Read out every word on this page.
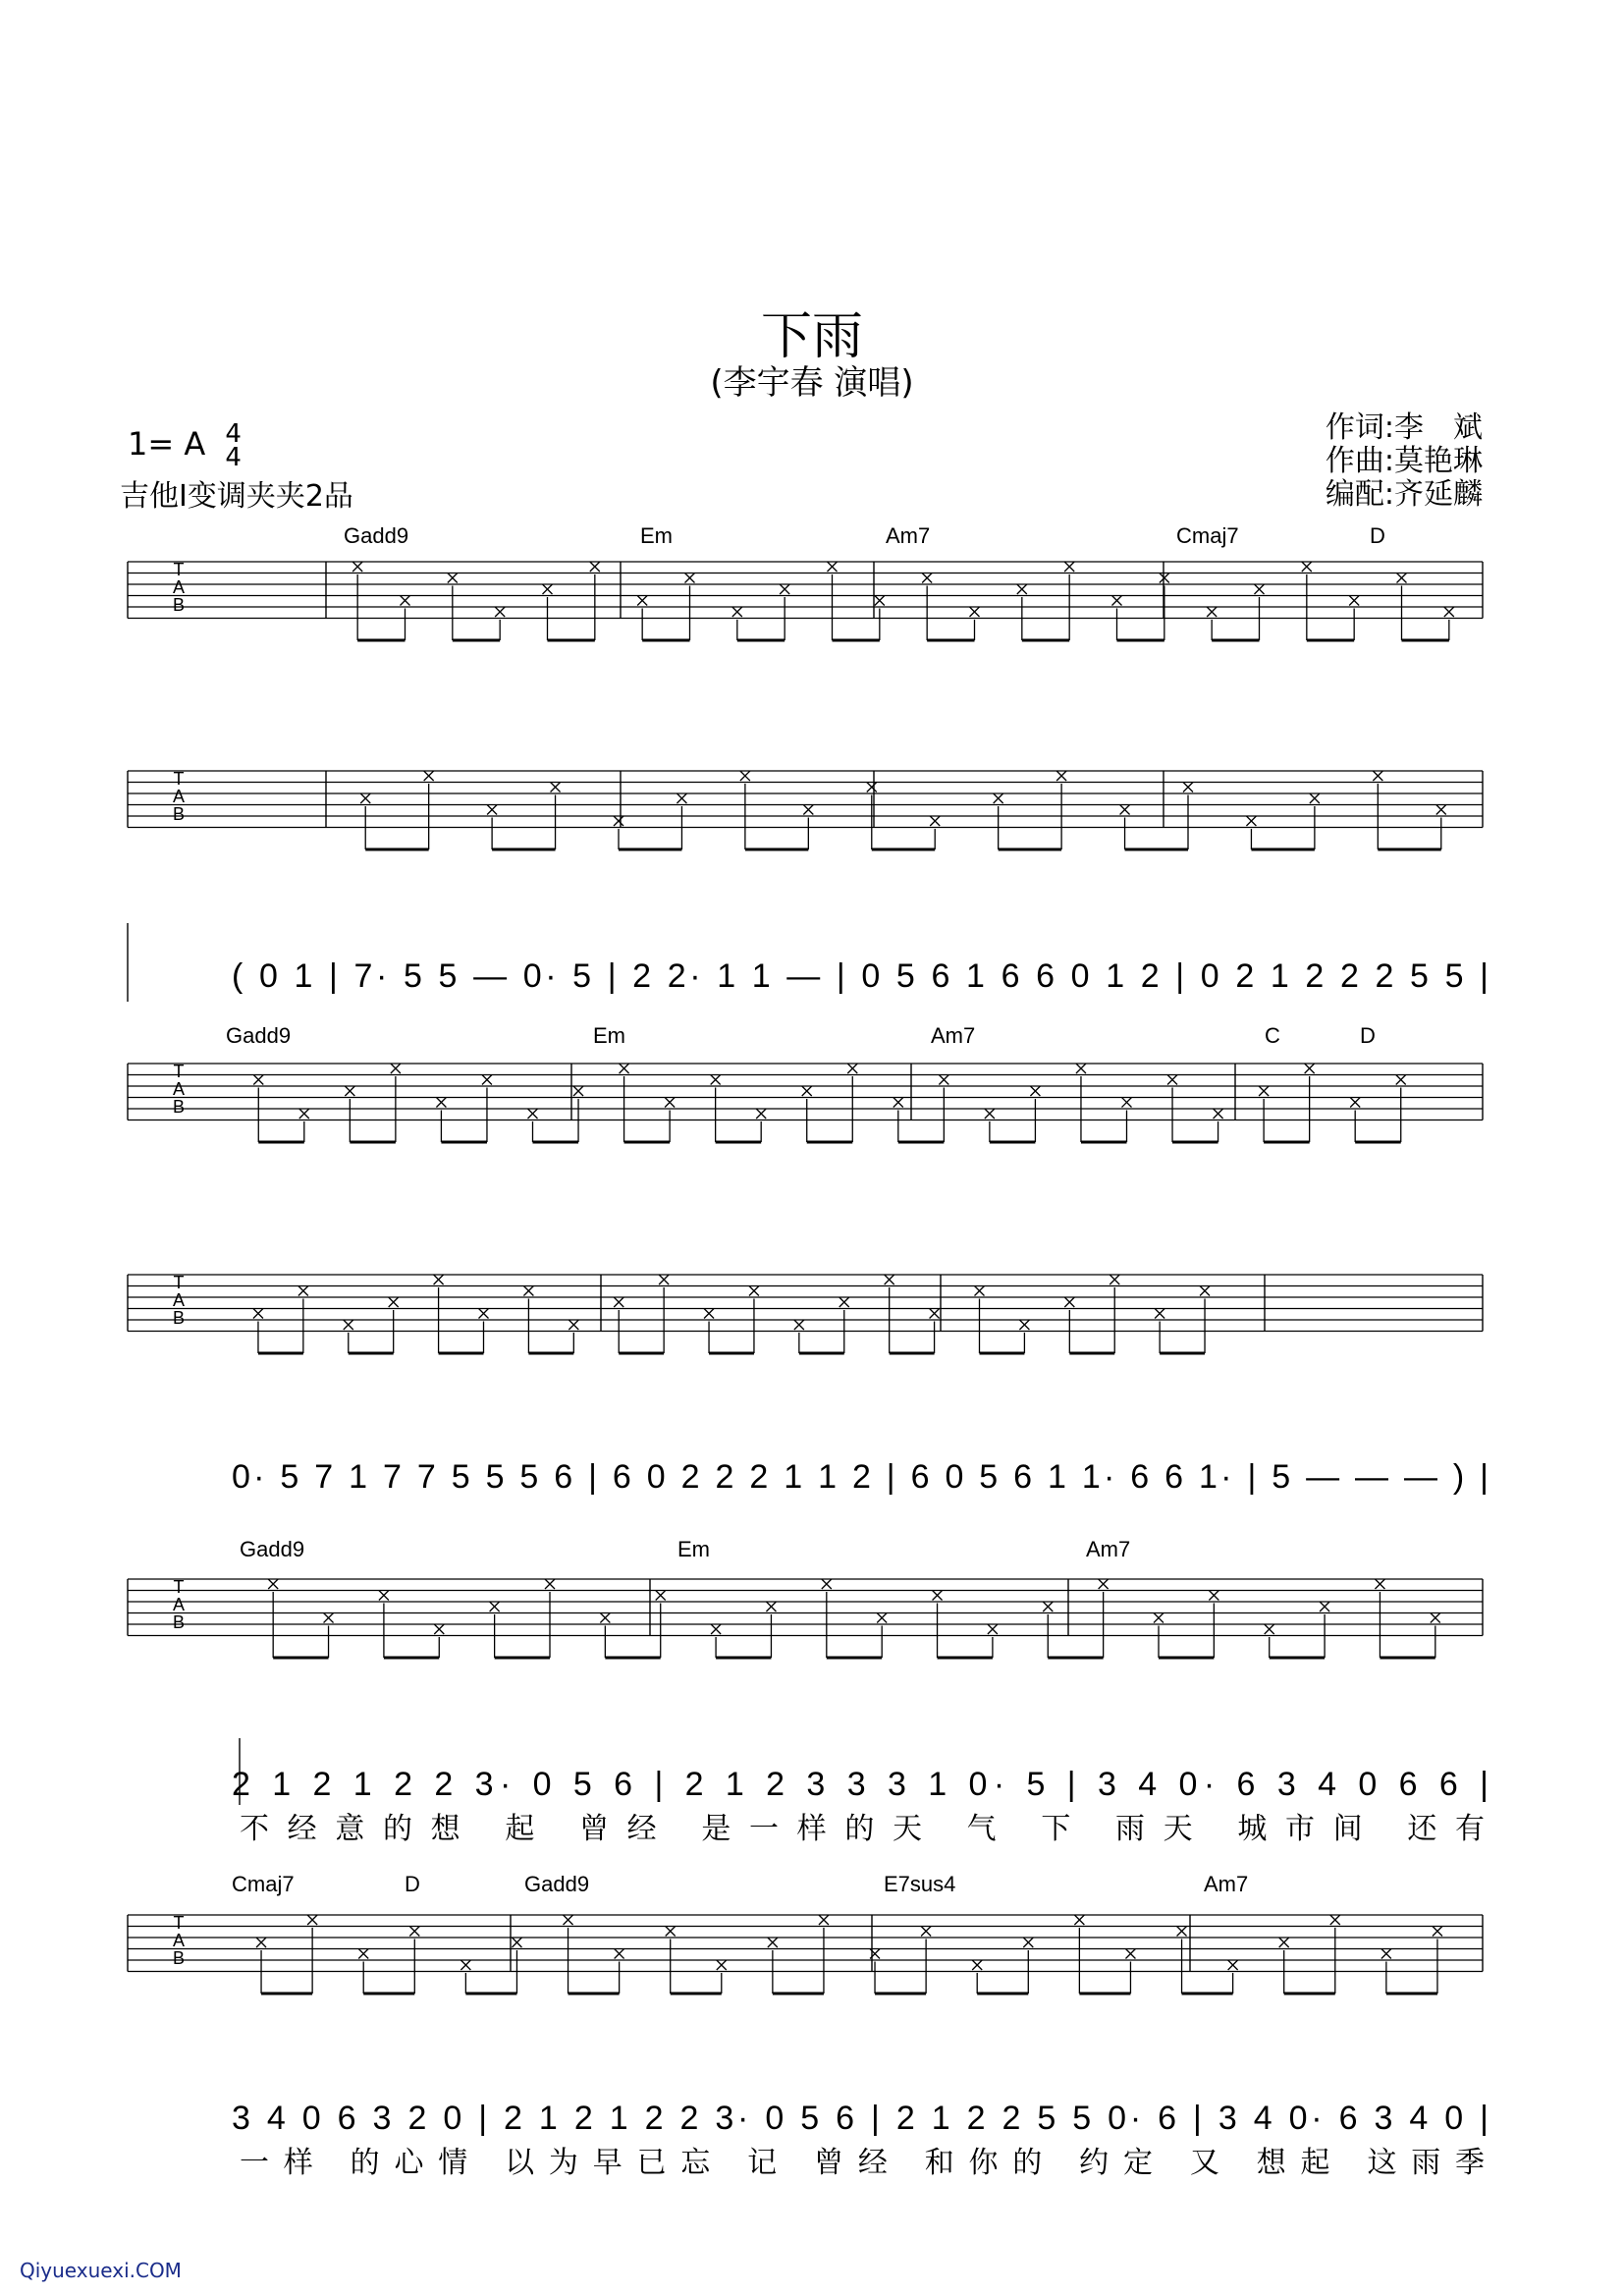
下雨
(李宇春 演唱)
作词:李　斌
作曲:莫艳琳
编配:齐延麟
1= A 4
4
吉他I变调夹夹2品
Gadd9	Em	Am7	Cmaj7	D
T
A
B
T
A
B
( 0 1 | 7· 5 5 — 0· 5 | 2 2· 1 1 — | 0 5 6 1 6 6 0 1 2 | 0 2 1 2 2 2 5 5 |
Gadd9	Em	Am7	C	D
T
A
B
T
A
B
0· 5 7 1 7 7 5 5 5 6 | 6 0 2 2 2 1 1 2 | 6 0 5 6 1 1· 6 6 1· | 5 — — — ) |
Gadd9	Em	Am7
T
A
B
2 1 2 1 2 2 3· 0 5 6 | 2 1 2 3 3 3 1 0· 5 | 3 4 0· 6 3 4 0 6 6 |
不经意的想 起 曾经 是一样的天 气 下 雨天 城市间 还有
Cmaj7	D	Gadd9	E7sus4	Am7
T
A
B
3 4 0 6 3 2 0 | 2 1 2 1 2 2 3· 0 5 6 | 2 1 2 2 5 5 0· 6 | 3 4 0· 6 3 4 0 |
一样 的心情 以为早已忘 记 曾经 和你的 约定 又 想起 这雨季
Qiyuexuexi.COM
